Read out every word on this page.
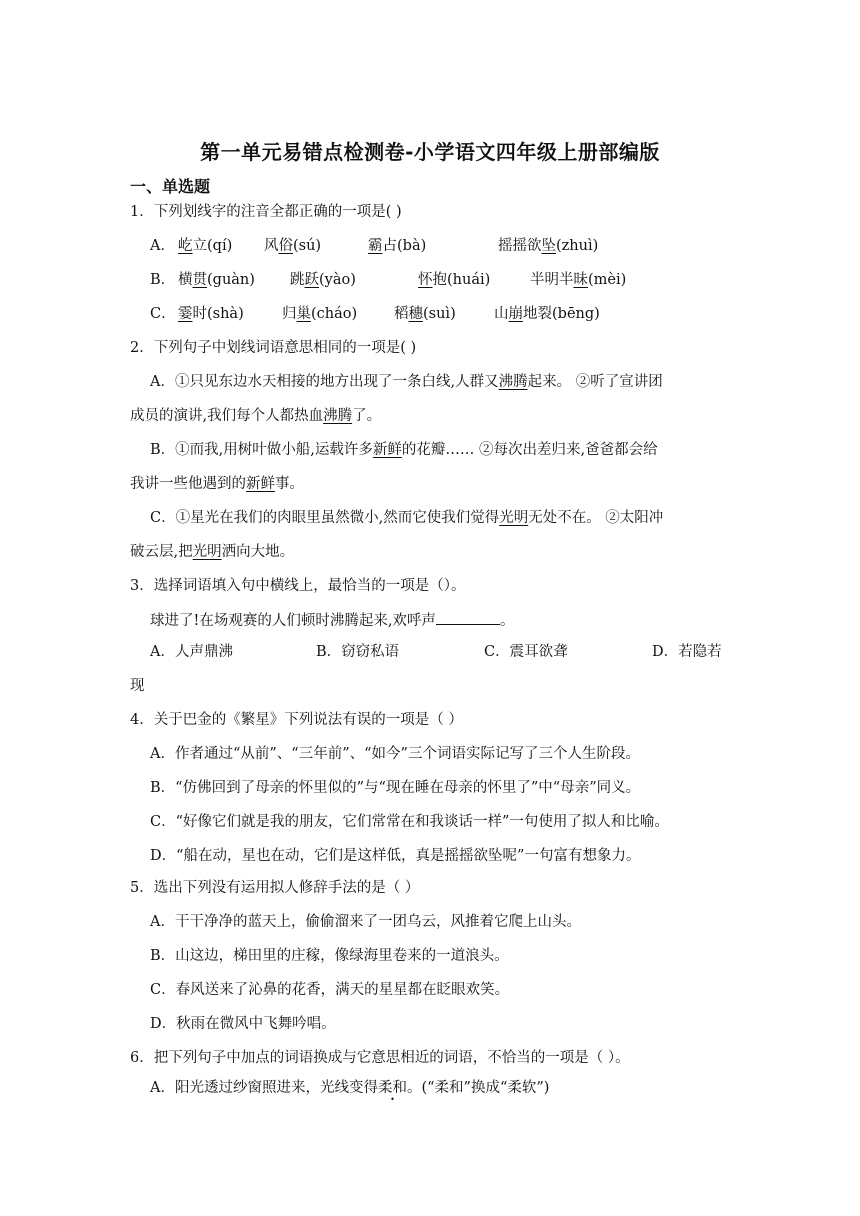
第一单元易错点检测卷-小学语文四年级上册部编版
一、单选题
1．下列划线字的注音全都正确的一项是( )
A． 屹立(qí) 风俗(sú)	霸占(bà)	摇摇欲坠(zhuì)
B． 横贯(guàn) 跳跃(yào)	怀抱(huái)	半明半昧(mèi)
C． 霎时(shà)	归巢(cháo)	稻穗(suì)	山崩地裂(bēng)
2．下列句子中划线词语意思相同的一项是( )
A．①只见东边水天相接的地方出现了一条白线,人群又沸腾起来。 ②听了宣讲团
成员的演讲,我们每个人都热血沸腾了。
B．①而我,用树叶做小船,运载许多新鲜的花瓣…… ②每次出差归来,爸爸都会给
我讲一些他遇到的新鲜事。
C．①星光在我们的肉眼里虽然微小,然而它使我们觉得光明无处不在。 ②太阳冲
破云层,把光明洒向大地。
3．选择词语填入句中横线上，最恰当的一项是（）。
球进了!在场观赛的人们顿时沸腾起来,欢呼声	。
A．人声鼎沸	B．窃窃私语	C．震耳欲聋	D．若隐若
现
4．关于巴金的《繁星》下列说法有误的一项是（ ）
A．作者通过“从前”、“三年前”、“如今”三个词语实际记写了三个人生阶段。
B．“仿佛回到了母亲的怀里似的”与“现在睡在母亲的怀里了”中“母亲”同义。
C．“好像它们就是我的朋友，它们常常在和我谈话一样”一句使用了拟人和比喻。
D．“船在动，星也在动，它们是这样低，真是摇摇欲坠呢”一句富有想象力。
5．选出下列没有运用拟人修辞手法的是（ ）
A．干干净净的蓝天上，偷偷溜来了一团乌云，风推着它爬上山头。
B．山这边，梯田里的庄稼，像绿海里卷来的一道浪头。
C．春风送来了沁鼻的花香，满天的星星都在眨眼欢笑。
D．秋雨在微风中飞舞吟唱。
6．把下列句子中加点的词语换成与它意思相近的词语，不恰当的一项是（ ）。
A．阳光透过纱窗照进来，光线变得柔和。(“柔和”换成“柔软”)
